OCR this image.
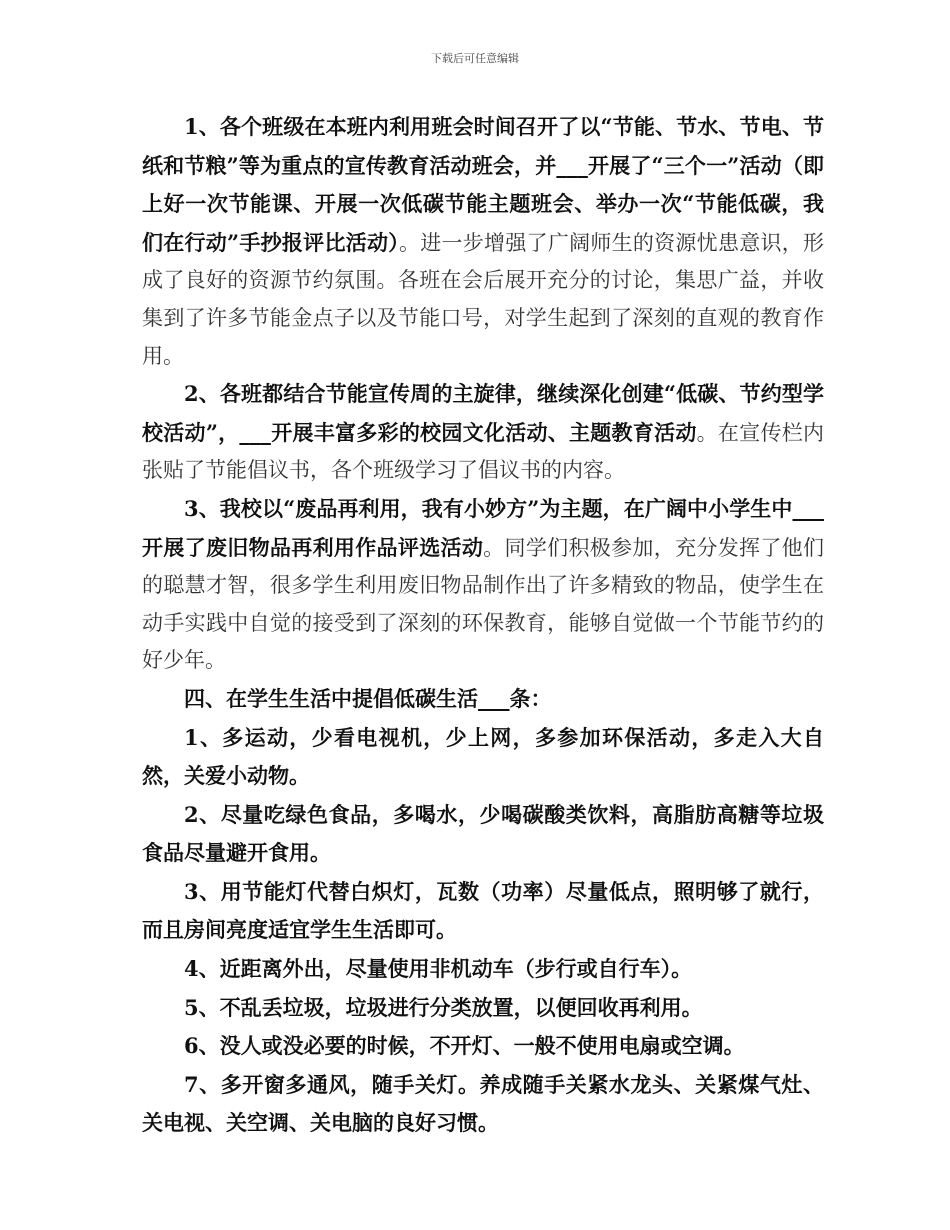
下载后可任意编辑

1、各个班级在本班内利用班会时间召开了以“节能、节水、节电、节纸和节粮”等为重点的宣传教育活动班会，并___开展了“三个一”活动（即上好一次节能课、开展一次低碳节能主题班会、举办一次“节能低碳，我们在行动”手抄报评比活动）。进一步增强了广阔师生的资源忧患意识，形成了良好的资源节约氛围。各班在会后展开充分的讨论，集思广益，并收集到了许多节能金点子以及节能口号，对学生起到了深刻的直观的教育作用。

2、各班都结合节能宣传周的主旋律，继续深化创建“低碳、节约型学校活动”，___开展丰富多彩的校园文化活动、主题教育活动。在宣传栏内张贴了节能倡议书，各个班级学习了倡议书的内容。

3、我校以“废品再利用，我有小妙方”为主题，在广阔中小学生中___开展了废旧物品再利用作品评选活动。同学们积极参加，充分发挥了他们的聪慧才智，很多学生利用废旧物品制作出了许多精致的物品，使学生在动手实践中自觉的接受到了深刻的环保教育，能够自觉做一个节能节约的好少年。

四、在学生生活中提倡低碳生活___条：

1、多运动，少看电视机，少上网，多参加环保活动，多走入大自然，关爱小动物。

2、尽量吃绿色食品，多喝水，少喝碳酸类饮料，高脂肪高糖等垃圾食品尽量避开食用。

3、用节能灯代替白炽灯，瓦数（功率）尽量低点，照明够了就行，而且房间亮度适宜学生生活即可。

4、近距离外出，尽量使用非机动车（步行或自行车）。

5、不乱丢垃圾，垃圾进行分类放置，以便回收再利用。

6、没人或没必要的时候，不开灯、一般不使用电扇或空调。

7、多开窗多通风，随手关灯。养成随手关紧水龙头、关紧煤气灶、关电视、关空调、关电脑的良好习惯。
